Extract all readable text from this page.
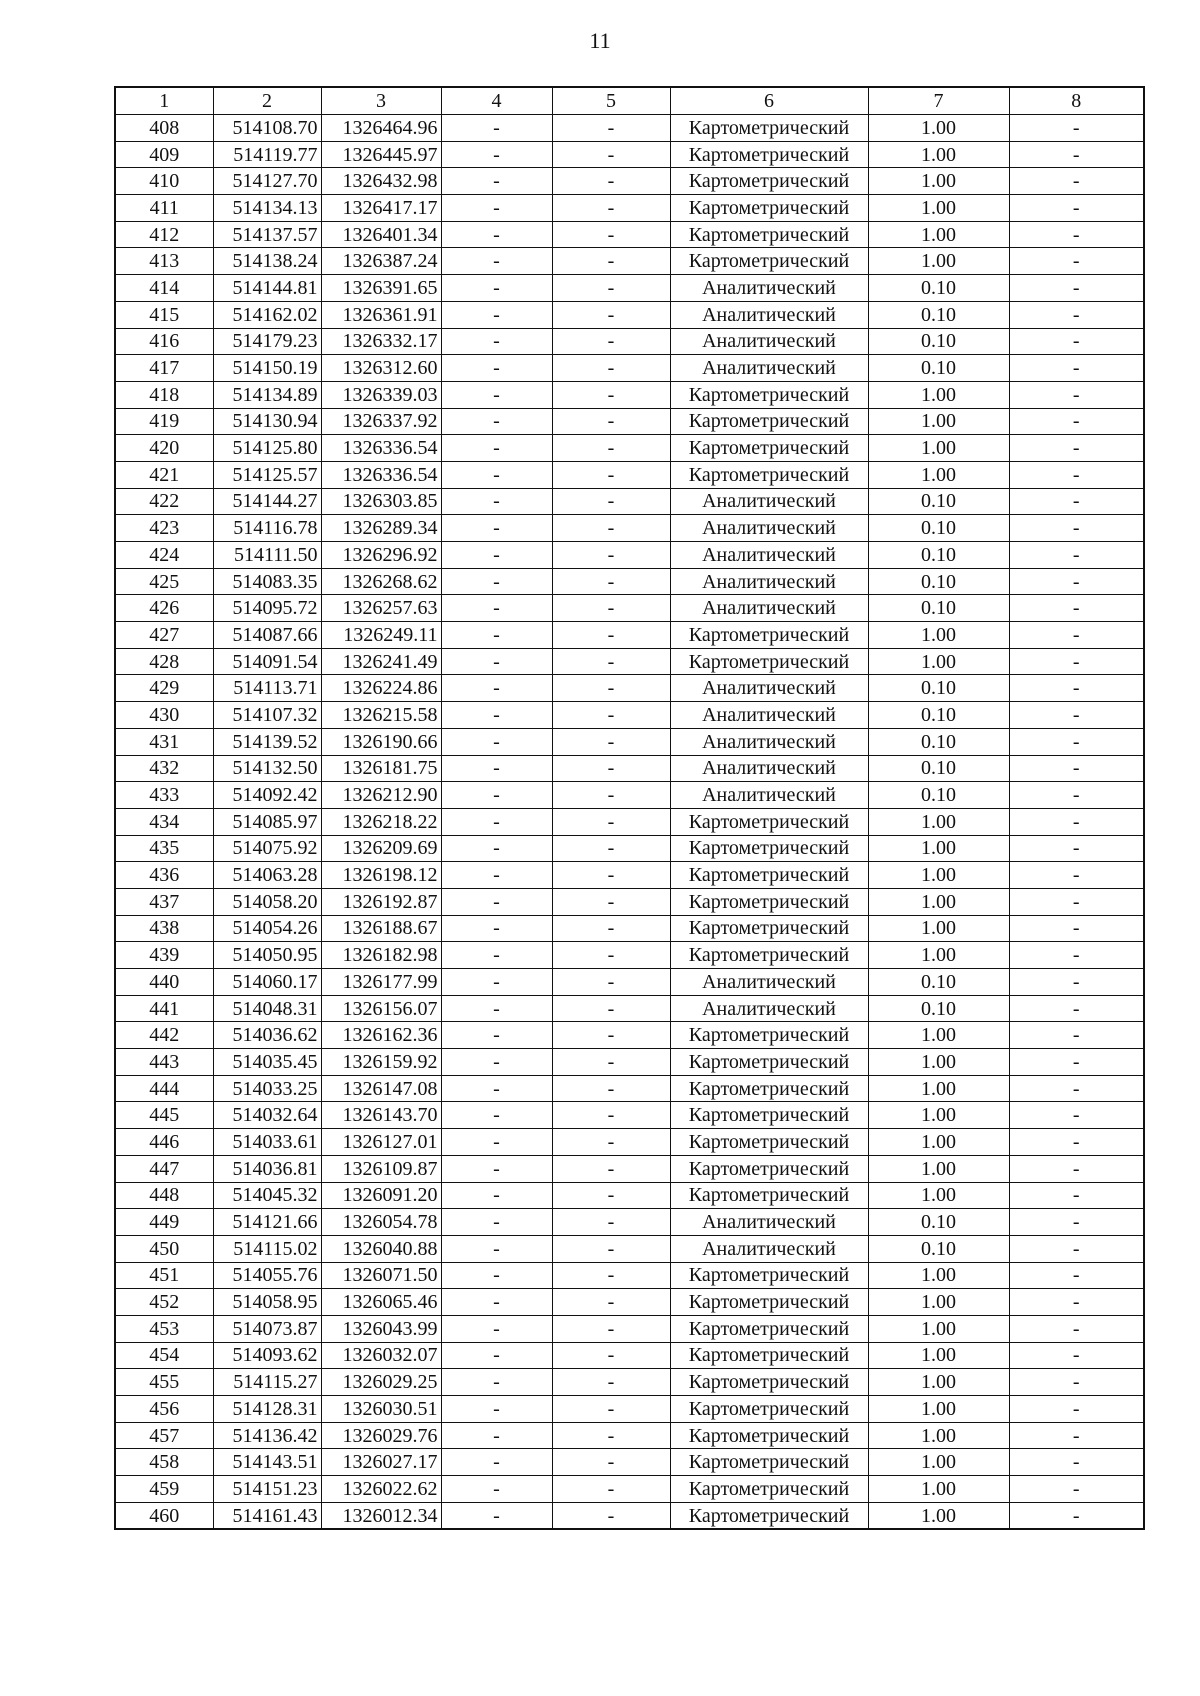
11
1	2	3	4	5	6	7	8
408	514108.70	1326464.96	-	-	Картометрический	1.00	-
409	514119.77	1326445.97	-	-	Картометрический	1.00	-
410	514127.70	1326432.98	-	-	Картометрический	1.00	-
411	514134.13	1326417.17	-	-	Картометрический	1.00	-
412	514137.57	1326401.34	-	-	Картометрический	1.00	-
413	514138.24	1326387.24	-	-	Картометрический	1.00	-
414	514144.81	1326391.65	-	-	Аналитический	0.10	-
415	514162.02	1326361.91	-	-	Аналитический	0.10	-
416	514179.23	1326332.17	-	-	Аналитический	0.10	-
417	514150.19	1326312.60	-	-	Аналитический	0.10	-
418	514134.89	1326339.03	-	-	Картометрический	1.00	-
419	514130.94	1326337.92	-	-	Картометрический	1.00	-
420	514125.80	1326336.54	-	-	Картометрический	1.00	-
421	514125.57	1326336.54	-	-	Картометрический	1.00	-
422	514144.27	1326303.85	-	-	Аналитический	0.10	-
423	514116.78	1326289.34	-	-	Аналитический	0.10	-
424	514111.50	1326296.92	-	-	Аналитический	0.10	-
425	514083.35	1326268.62	-	-	Аналитический	0.10	-
426	514095.72	1326257.63	-	-	Аналитический	0.10	-
427	514087.66	1326249.11	-	-	Картометрический	1.00	-
428	514091.54	1326241.49	-	-	Картометрический	1.00	-
429	514113.71	1326224.86	-	-	Аналитический	0.10	-
430	514107.32	1326215.58	-	-	Аналитический	0.10	-
431	514139.52	1326190.66	-	-	Аналитический	0.10	-
432	514132.50	1326181.75	-	-	Аналитический	0.10	-
433	514092.42	1326212.90	-	-	Аналитический	0.10	-
434	514085.97	1326218.22	-	-	Картометрический	1.00	-
435	514075.92	1326209.69	-	-	Картометрический	1.00	-
436	514063.28	1326198.12	-	-	Картометрический	1.00	-
437	514058.20	1326192.87	-	-	Картометрический	1.00	-
438	514054.26	1326188.67	-	-	Картометрический	1.00	-
439	514050.95	1326182.98	-	-	Картометрический	1.00	-
440	514060.17	1326177.99	-	-	Аналитический	0.10	-
441	514048.31	1326156.07	-	-	Аналитический	0.10	-
442	514036.62	1326162.36	-	-	Картометрический	1.00	-
443	514035.45	1326159.92	-	-	Картометрический	1.00	-
444	514033.25	1326147.08	-	-	Картометрический	1.00	-
445	514032.64	1326143.70	-	-	Картометрический	1.00	-
446	514033.61	1326127.01	-	-	Картометрический	1.00	-
447	514036.81	1326109.87	-	-	Картометрический	1.00	-
448	514045.32	1326091.20	-	-	Картометрический	1.00	-
449	514121.66	1326054.78	-	-	Аналитический	0.10	-
450	514115.02	1326040.88	-	-	Аналитический	0.10	-
451	514055.76	1326071.50	-	-	Картометрический	1.00	-
452	514058.95	1326065.46	-	-	Картометрический	1.00	-
453	514073.87	1326043.99	-	-	Картометрический	1.00	-
454	514093.62	1326032.07	-	-	Картометрический	1.00	-
455	514115.27	1326029.25	-	-	Картометрический	1.00	-
456	514128.31	1326030.51	-	-	Картометрический	1.00	-
457	514136.42	1326029.76	-	-	Картометрический	1.00	-
458	514143.51	1326027.17	-	-	Картометрический	1.00	-
459	514151.23	1326022.62	-	-	Картометрический	1.00	-
460	514161.43	1326012.34	-	-	Картометрический	1.00	-
